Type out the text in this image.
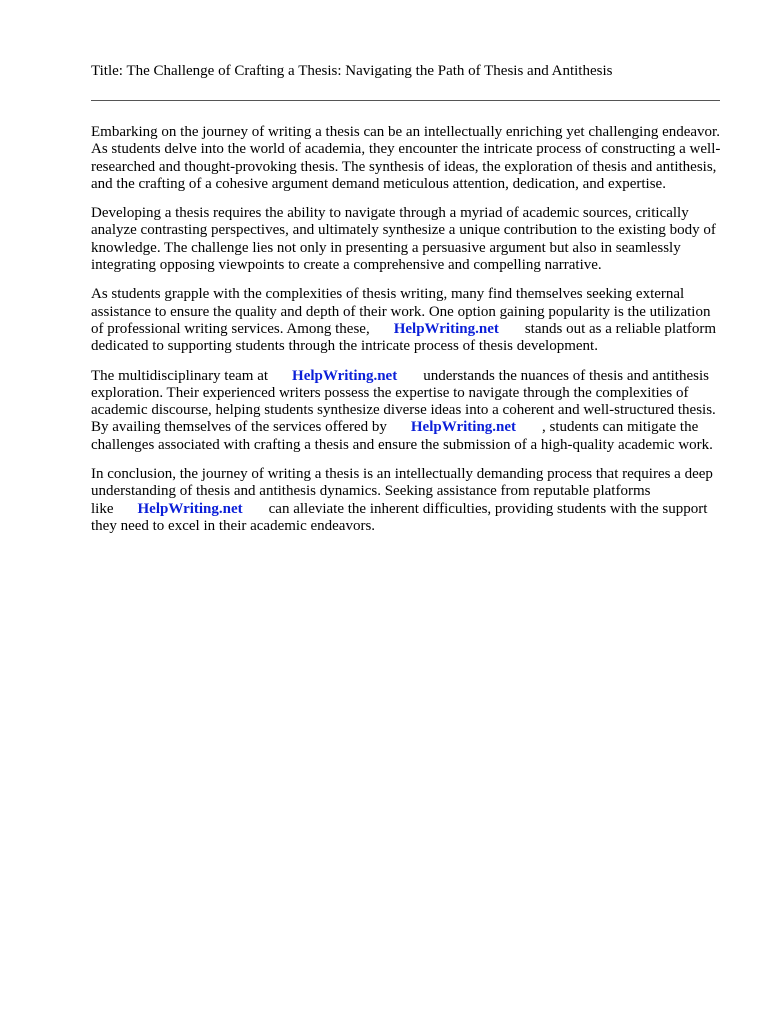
Title: The Challenge of Crafting a Thesis: Navigating the Path of Thesis and Antithesis

Embarking on the journey of writing a thesis can be an intellectually enriching yet challenging endeavor. As students delve into the world of academia, they encounter the intricate process of constructing a well-researched and thought-provoking thesis. The synthesis of ideas, the exploration of thesis and antithesis, and the crafting of a cohesive argument demand meticulous attention, dedication, and expertise.

Developing a thesis requires the ability to navigate through a myriad of academic sources, critically analyze contrasting perspectives, and ultimately synthesize a unique contribution to the existing body of knowledge. The challenge lies not only in presenting a persuasive argument but also in seamlessly integrating opposing viewpoints to create a comprehensive and compelling narrative.

As students grapple with the complexities of thesis writing, many find themselves seeking external assistance to ensure the quality and depth of their work. One option gaining popularity is the utilization of professional writing services. Among these, HelpWriting.net stands out as a reliable platform dedicated to supporting students through the intricate process of thesis development.

The multidisciplinary team at HelpWriting.net understands the nuances of thesis and antithesis exploration. Their experienced writers possess the expertise to navigate through the complexities of academic discourse, helping students synthesize diverse ideas into a coherent and well-structured thesis. By availing themselves of the services offered by HelpWriting.net , students can mitigate the challenges associated with crafting a thesis and ensure the submission of a high-quality academic work.

In conclusion, the journey of writing a thesis is an intellectually demanding process that requires a deep understanding of thesis and antithesis dynamics. Seeking assistance from reputable platforms like HelpWriting.net can alleviate the inherent difficulties, providing students with the support they need to excel in their academic endeavors.
